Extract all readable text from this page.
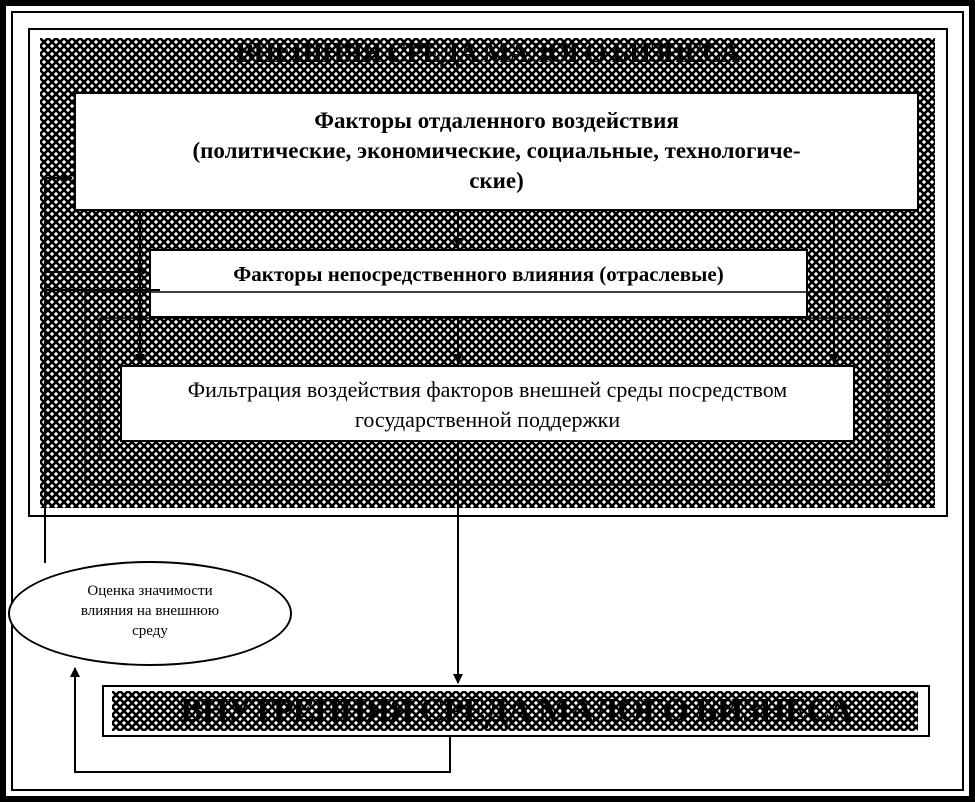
ВНЕШНЯЯ СРЕДА МАЛОГО БИЗНЕСА
Факторы отдаленного воздействия
(политические, экономические, социальные, технологиче-
ские)
Факторы непосредственного влияния (отраслевые)
Фильтрация воздействия факторов внешней среды посредством
государственной поддержки
ВНУТРЕННЯЯ СРЕДА МАЛОГО БИЗНЕСА
Оценка значимости
влияния на внешнюю
среду
